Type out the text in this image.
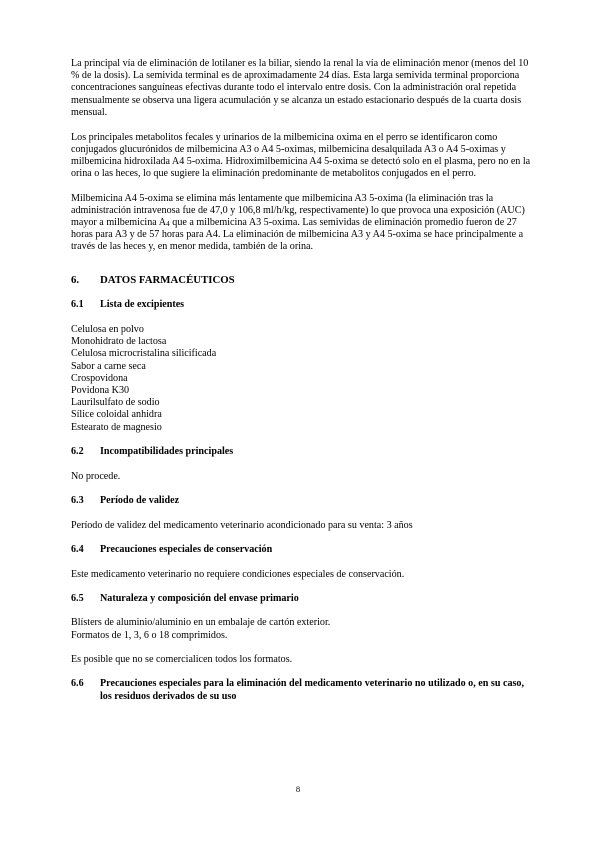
La principal vía de eliminación de lotilaner es la biliar, siendo la renal la vía de eliminación menor (menos del 10 % de la dosis). La semivida terminal es de aproximadamente 24 días. Esta larga semivida terminal proporciona concentraciones sanguíneas efectivas durante todo el intervalo entre dosis. Con la administración oral repetida mensualmente se observa una ligera acumulación y se alcanza un estado estacionario después de la cuarta dosis mensual.

Los principales metabolitos fecales y urinarios de la milbemicina oxima en el perro se identificaron como conjugados glucurónidos de milbemicina A3 o A4 5-oximas, milbemicina desalquilada A3 o A4 5-oximas y milbemicina hidroxilada A4 5-oxima. Hidroximilbemicina A4 5-oxima se detectó solo en el plasma, pero no en la orina o las heces, lo que sugiere la eliminación predominante de metabolitos conjugados en el perro.

Milbemicina A4 5-oxima se elimina más lentamente que milbemicina A3 5-oxima (la eliminación tras la administración intravenosa fue de 47,0 y 106,8 ml/h/kg, respectivamente) lo que provoca una exposición (AUC) mayor a milbemicina A4 que a milbemicina A3 5-oxima. Las semividas de eliminación promedio fueron de 27 horas para A3 y de 57 horas para A4. La eliminación de milbemicina A3 y A4 5-oxima se hace principalmente a través de las heces y, en menor medida, también de la orina.

6.	DATOS FARMACÉUTICOS
6.1	Lista de excipientes
Celulosa en polvo
Monohidrato de lactosa
Celulosa microcristalina silicificada
Sabor a carne seca
Crospovidona
Povidona K30
Laurilsulfato de sodio
Sílice coloidal anhidra
Estearato de magnesio
6.2	Incompatibilidades principales

No procede.

6.3	Período de validez

Período de validez del medicamento veterinario acondicionado para su venta: 3 años

6.4	Precauciones especiales de conservación

Este medicamento veterinario no requiere condiciones especiales de conservación.

6.5	Naturaleza y composición del envase primario
Blísters de aluminio/aluminio en un embalaje de cartón exterior.
Formatos de 1, 3, 6 o 18 comprimidos.

Es posible que no se comercialicen todos los formatos.

6.6	Precauciones especiales para la eliminación del medicamento veterinario no utilizado o, en su caso, los residuos derivados de su uso
8
